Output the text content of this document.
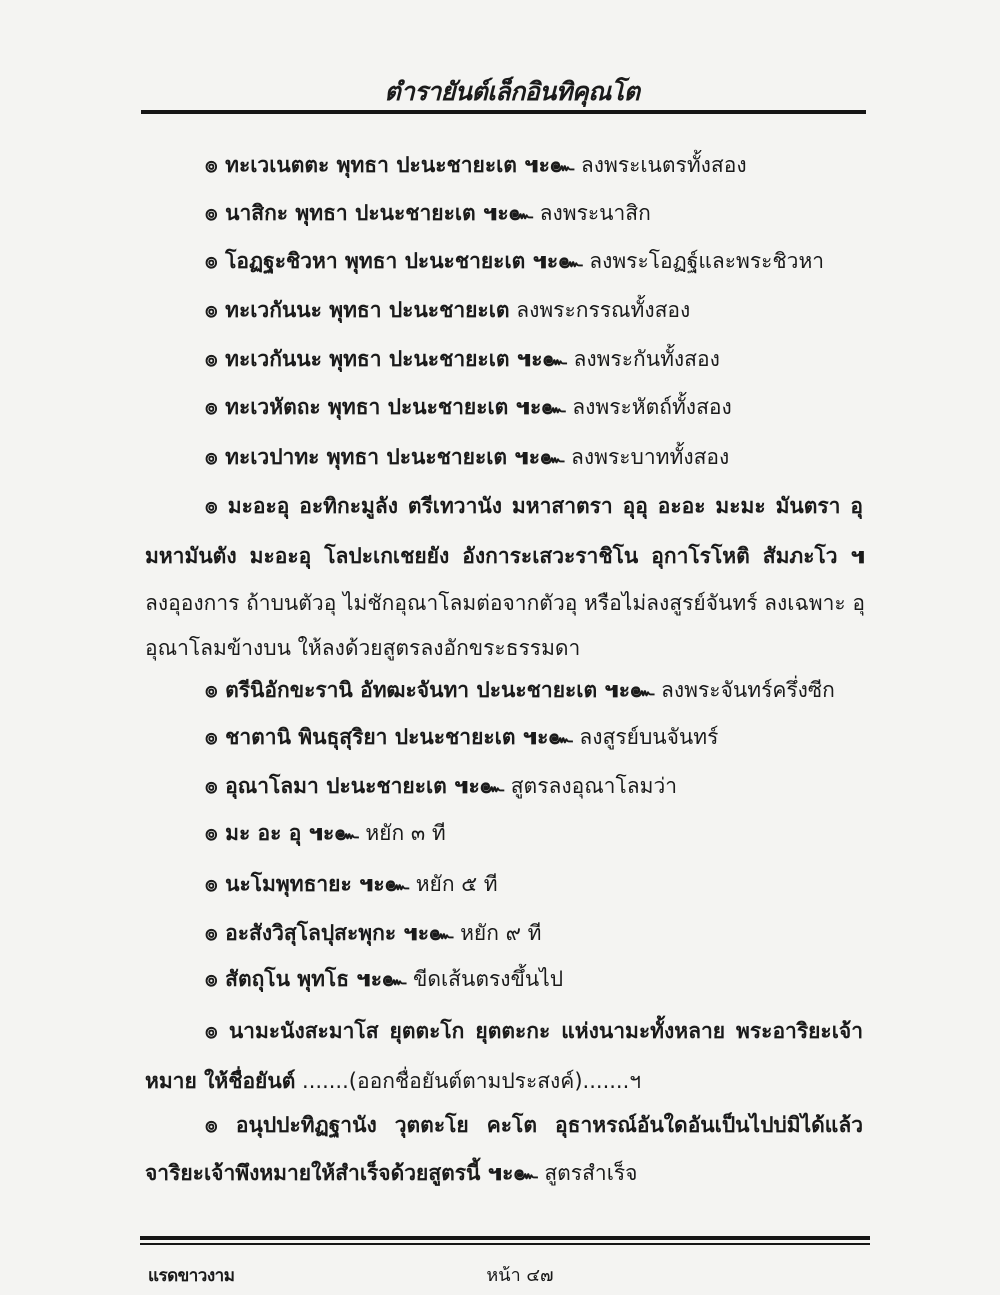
ตำรายันต์เล็กอินทิคุณโต
๏ ทะเวเนตตะ พุทธา ปะนะชายะเต ๚ะ๛ ลงพระเนตรทั้งสอง
๏ นาสิกะ พุทธา ปะนะชายะเต ๚ะ๛ ลงพระนาสิก
๏ โอฏฐะชิวหา พุทธา ปะนะชายะเต ๚ะ๛ ลงพระโอฏฐ์และพระชิวหา
๏ ทะเวกันนะ พุทธา ปะนะชายะเต ลงพระกรรณทั้งสอง
๏ ทะเวกันนะ พุทธา ปะนะชายะเต ๚ะ๛ ลงพระกันทั้งสอง
๏ ทะเวหัตถะ พุทธา ปะนะชายะเต ๚ะ๛ ลงพระหัตถ์ทั้งสอง
๏ ทะเวปาทะ พุทธา ปะนะชายะเต ๚ะ๛ ลงพระบาททั้งสอง
๏ มะอะอุ อะทิกะมูลัง ตรีเทวานัง มหาสาตรา อุอุ อะอะ มะมะ มันตรา อุ
มหามันตัง มะอะอุ โลปะเกเชยยัง อังการะเสวะราชิโน อุกาโรโหติ สัมภะโว ๚
ลงอุองการ ถ้าบนตัวอุ ไม่ชักอุณาโลมต่อจากตัวอุ หรือไม่ลงสูรย์จันทร์ ลงเฉพาะ อุ
อุณาโลมข้างบน ให้ลงด้วยสูตรลงอักขระธรรมดา
๏ ตรีนิอักขะรานิ อัทฒะจันทา ปะนะชายะเต ๚ะ๛ ลงพระจันทร์ครึ่งซีก
๏ ชาตานิ พินธุสุริยา ปะนะชายะเต ๚ะ๛ ลงสูรย์บนจันทร์
๏ อุณาโลมา ปะนะชายะเต ๚ะ๛ สูตรลงอุณาโลมว่า
๏ มะ อะ อุ ๚ะ๛ หยัก ๓ ที
๏ นะโมพุทธายะ ๚ะ๛ หยัก ๕ ที
๏ อะสังวิสุโลปุสะพุกะ ๚ะ๛ หยัก ๙ ที
๏ สัตถุโน พุทโธ ๚ะ๛ ขีดเส้นตรงขึ้นไป
๏ นามะนังสะมาโส ยุตตะโก ยุตตะกะ แห่งนามะทั้งหลาย พระอาริยะเจ้า
หมาย ให้ชื่อยันต์ .......(ออกชื่อยันต์ตามประสงค์).......ฯ
๏ อนุปปะทิฏฐานัง วุตตะโย คะโต อุธาหรณ์อันใดอันเป็นไปบ่มิได้แล้ว
จาริยะเจ้าพึงหมายให้สำเร็จด้วยสูตรนี้ ๚ะ๛ สูตรสำเร็จ
แรดขาวงาม	หน้า ๔๗
